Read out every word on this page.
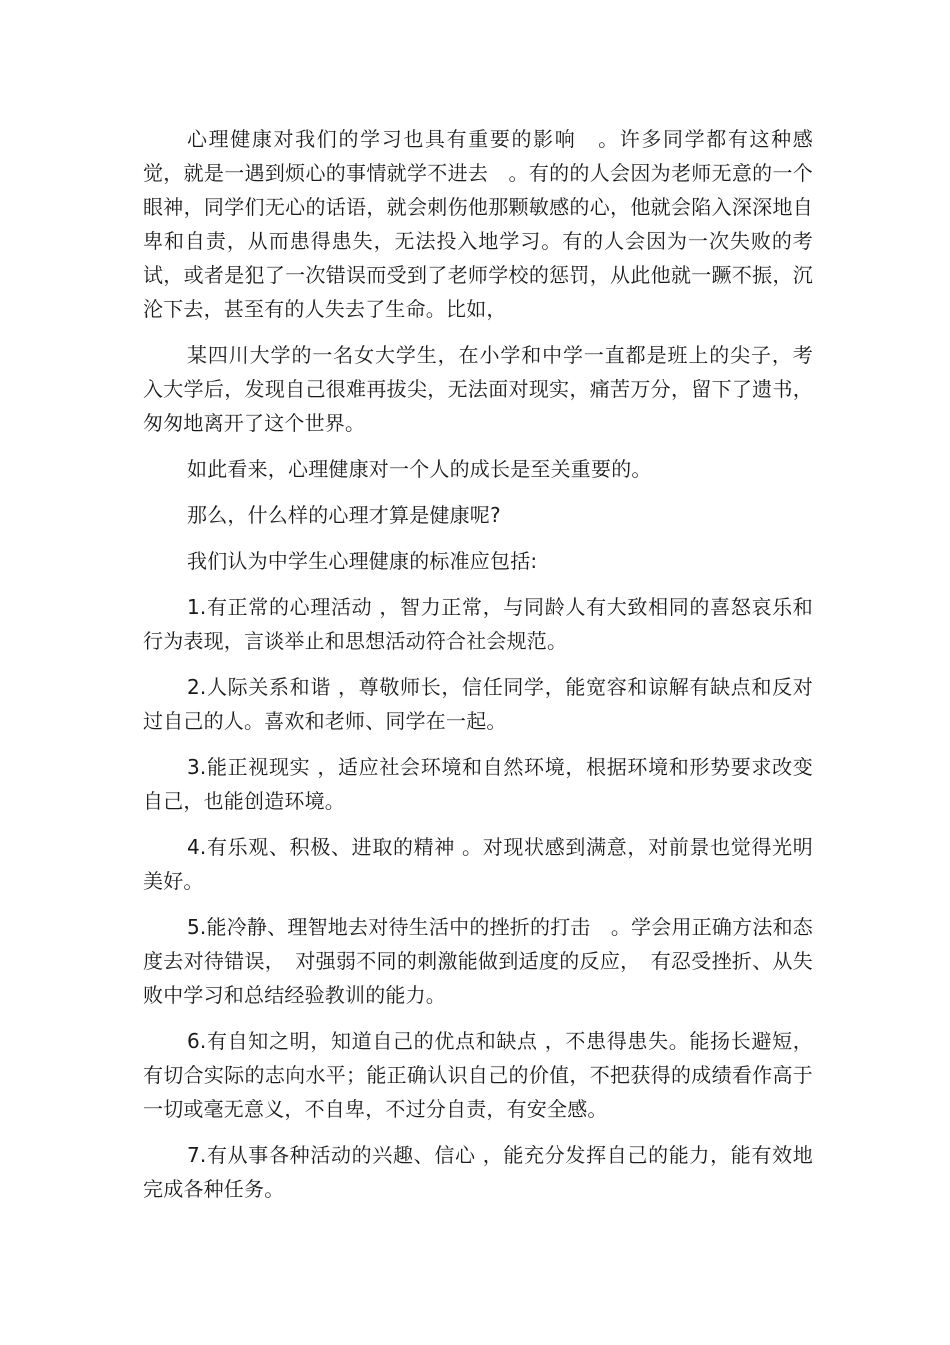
心理健康对我们的学习也具有重要的影响　。许多同学都有这种感觉，就是一遇到烦心的事情就学不进去　。有的的人会因为老师无意的一个眼神，同学们无心的话语，就会刺伤他那颗敏感的心，他就会陷入深深地自卑和自责，从而患得患失，无法投入地学习。有的人会因为一次失败的考试，或者是犯了一次错误而受到了老师学校的惩罚，从此他就一蹶不振，沉沦下去，甚至有的人失去了生命。比如，

某四川大学的一名女大学生，在小学和中学一直都是班上的尖子，考入大学后，发现自己很难再拔尖，无法面对现实，痛苦万分，留下了遗书，匆匆地离开了这个世界。

如此看来，心理健康对一个人的成长是至关重要的。

那么，什么样的心理才算是健康呢?

我们认为中学生心理健康的标准应包括:

1.有正常的心理活动 ，智力正常，与同龄人有大致相同的喜怒哀乐和行为表现，言谈举止和思想活动符合社会规范。

2.人际关系和谐 ，尊敬师长，信任同学，能宽容和谅解有缺点和反对过自己的人。喜欢和老师、同学在一起。

3.能正视现实 ，适应社会环境和自然环境，根据环境和形势要求改变自己，也能创造环境。

4.有乐观、积极、进取的精神 。对现状感到满意，对前景也觉得光明美好。

5.能冷静、理智地去对待生活中的挫折的打击　。学会用正确方法和态度去对待错误，　对强弱不同的刺激能做到适度的反应，　有忍受挫折、从失败中学习和总结经验教训的能力。

6.有自知之明，知道自己的优点和缺点 ，不患得患失。能扬长避短，有切合实际的志向水平；能正确认识自己的价值，不把获得的成绩看作高于一切或毫无意义，不自卑，不过分自责，有安全感。

7.有从事各种活动的兴趣、信心 ，能充分发挥自己的能力，能有效地完成各种任务。
